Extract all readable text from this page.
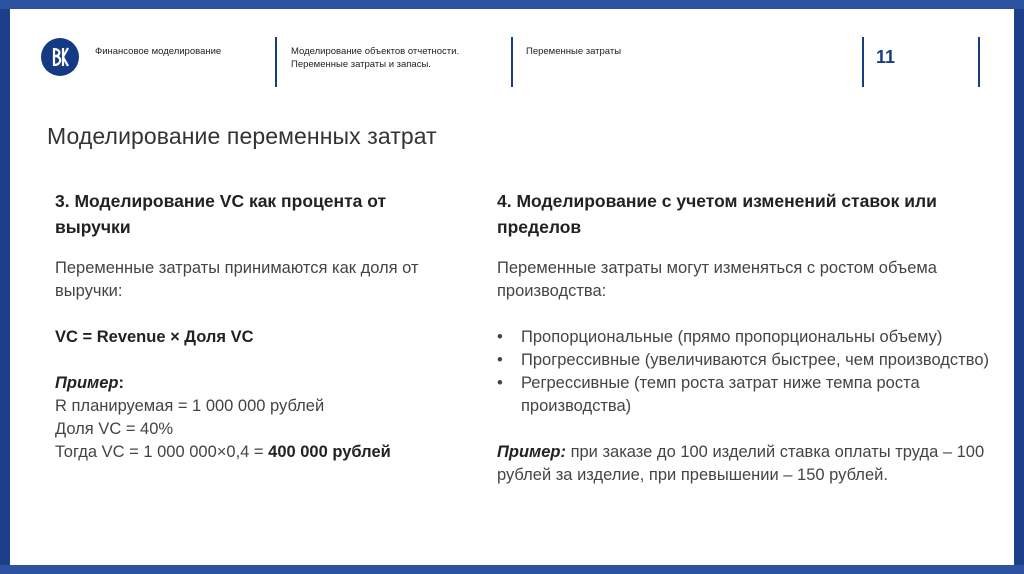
Финансовое моделирование	Моделирование объектов отчетности. Переменные затраты и запасы.
Переменные затраты	11
Моделирование переменных затрат

3. Моделирование VC как процента от выручки

Переменные затраты принимаются как доля от выручки:

VC = Revenue × Доля VC

Пример:

R планируемая = 1 000 000 рублей

Доля VC = 40%

Тогда VC = 1 000 000×0,4 = 400 000 рублей

4. Моделирование с учетом изменений ставок или пределов

Переменные затраты могут изменяться с ростом объема производства:

• Пропорциональные (прямо пропорциональны объему)
• Прогрессивные (увеличиваются быстрее, чем производство)
• Регрессивные (темп роста затрат ниже темпа роста производства)

Пример: при заказе до 100 изделий ставка оплаты труда – 100 рублей за изделие, при превышении – 150 рублей.
